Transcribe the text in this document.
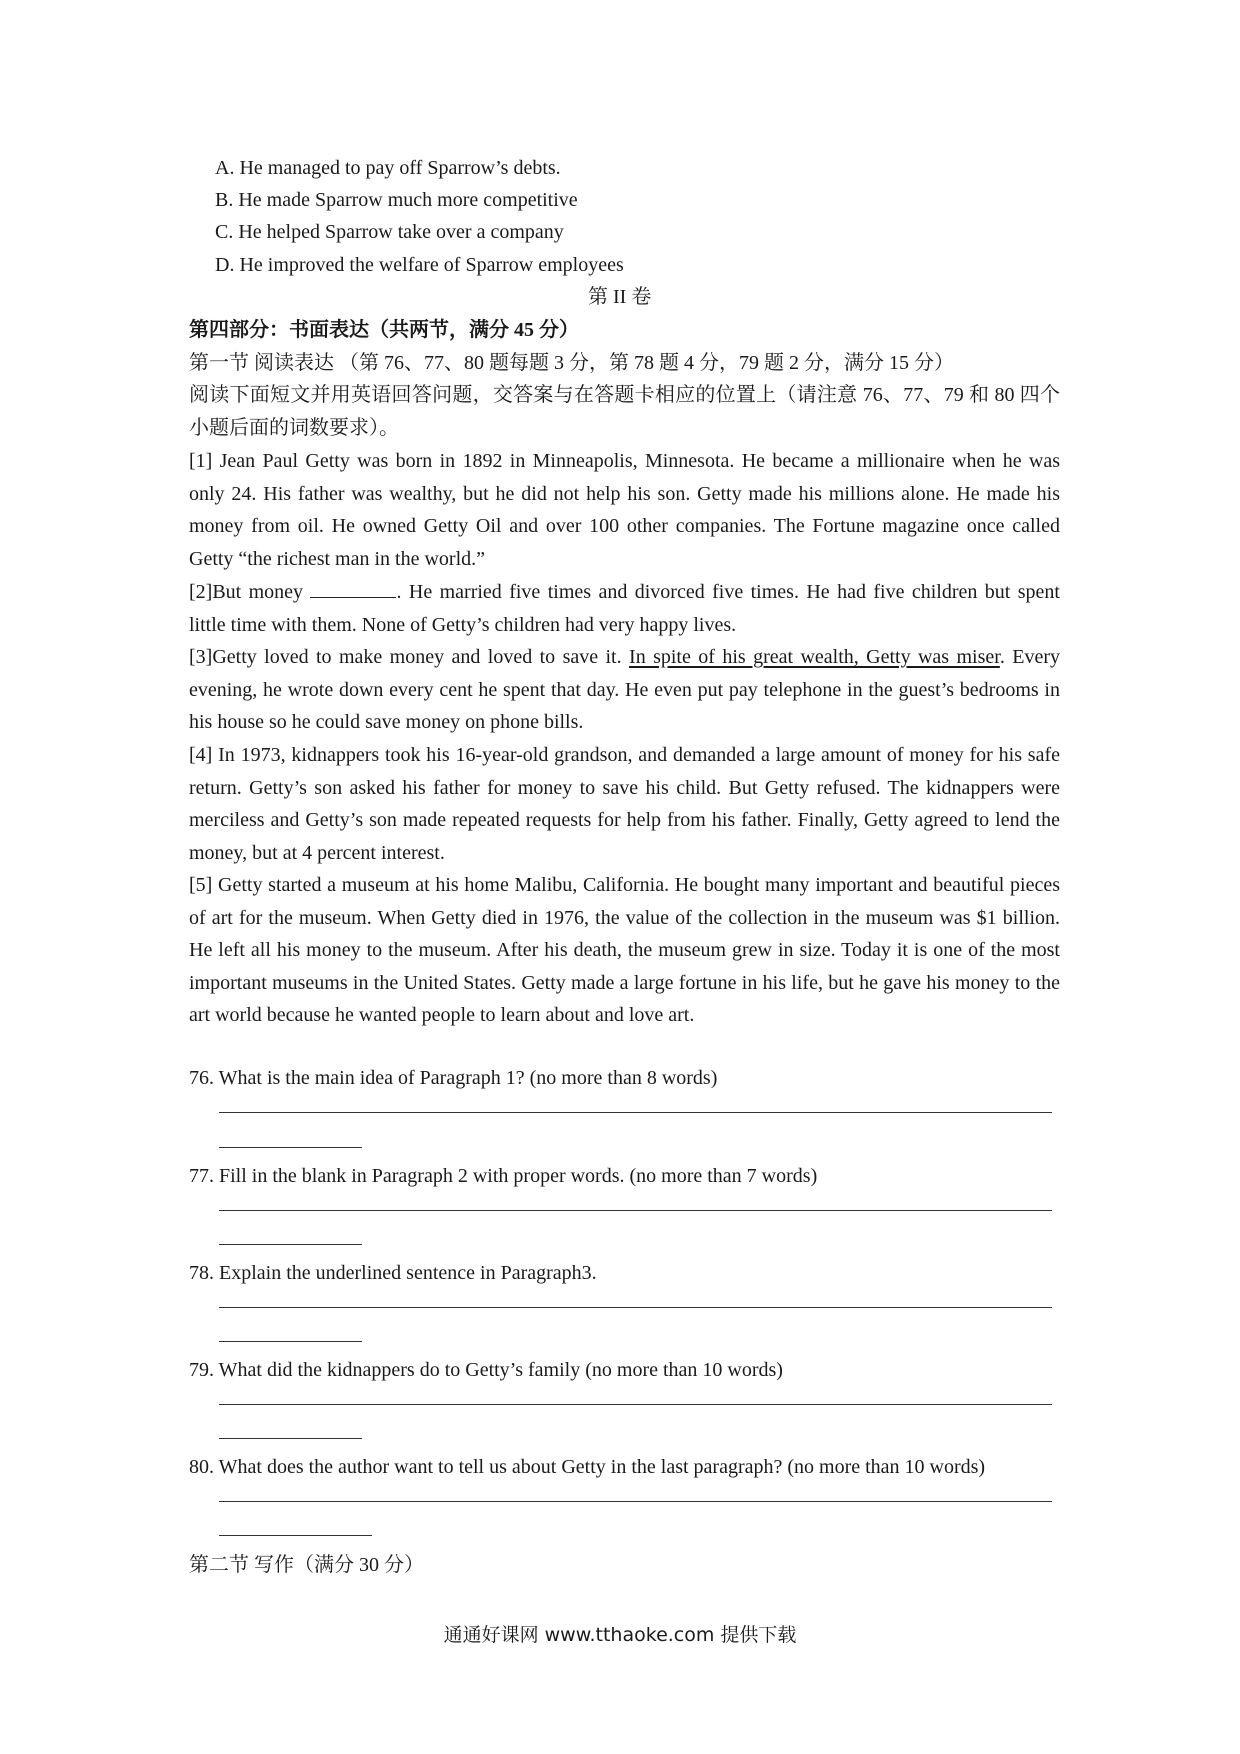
A. He managed to pay off Sparrow’s debts.
B. He made Sparrow much more competitive
C. He helped Sparrow take over a company
D. He improved the welfare of Sparrow employees
第 II 卷
第四部分：书面表达（共两节，满分 45 分）
第一节 阅读表达 （第 76、77、80 题每题 3 分，第 78 题 4 分，79 题 2 分，满分 15 分）
阅读下面短文并用英语回答问题，交答案与在答题卡相应的位置上（请注意 76、77、79 和 80 四个小题后面的词数要求）。
[1] Jean Paul Getty was born in 1892 in Minneapolis, Minnesota. He became a millionaire when he was only 24. His father was wealthy, but he did not help his son. Getty made his millions alone. He made his money from oil. He owned Getty Oil and over 100 other companies. The Fortune magazine once called Getty “the richest man in the world.”
[2]But money	. He married five times and divorced five times. He had five children but spent little time with them. None of Getty’s children had very happy lives.
[3]Getty loved to make money and loved to save it. In spite of his great wealth, Getty was miser. Every evening, he wrote down every cent he spent that day. He even put pay telephone in the guest’s bedrooms in his house so he could save money on phone bills.
[4] In 1973, kidnappers took his 16-year-old grandson, and demanded a large amount of money for his safe return. Getty’s son asked his father for money to save his child. But Getty refused. The kidnappers were merciless and Getty’s son made repeated requests for help from his father. Finally, Getty agreed to lend the money, but at 4 percent interest.
[5] Getty started a museum at his home Malibu, California. He bought many important and beautiful pieces of art for the museum. When Getty died in 1976, the value of the collection in the museum was $1 billion. He left all his money to the museum. After his death, the museum grew in size. Today it is one of the most important museums in the United States. Getty made a large fortune in his life, but he gave his money to the art world because he wanted people to learn about and love art.
76. What is the main idea of Paragraph 1? (no more than 8 words)
77. Fill in the blank in Paragraph 2 with proper words. (no more than 7 words)
78. Explain the underlined sentence in Paragraph3.
79. What did the kidnappers do to Getty’s family (no more than 10 words)
80. What does the author want to tell us about Getty in the last paragraph? (no more than 10 words)
第二节 写作（满分 30 分）
通通好课网 www.tthaoke.com 提供下载
